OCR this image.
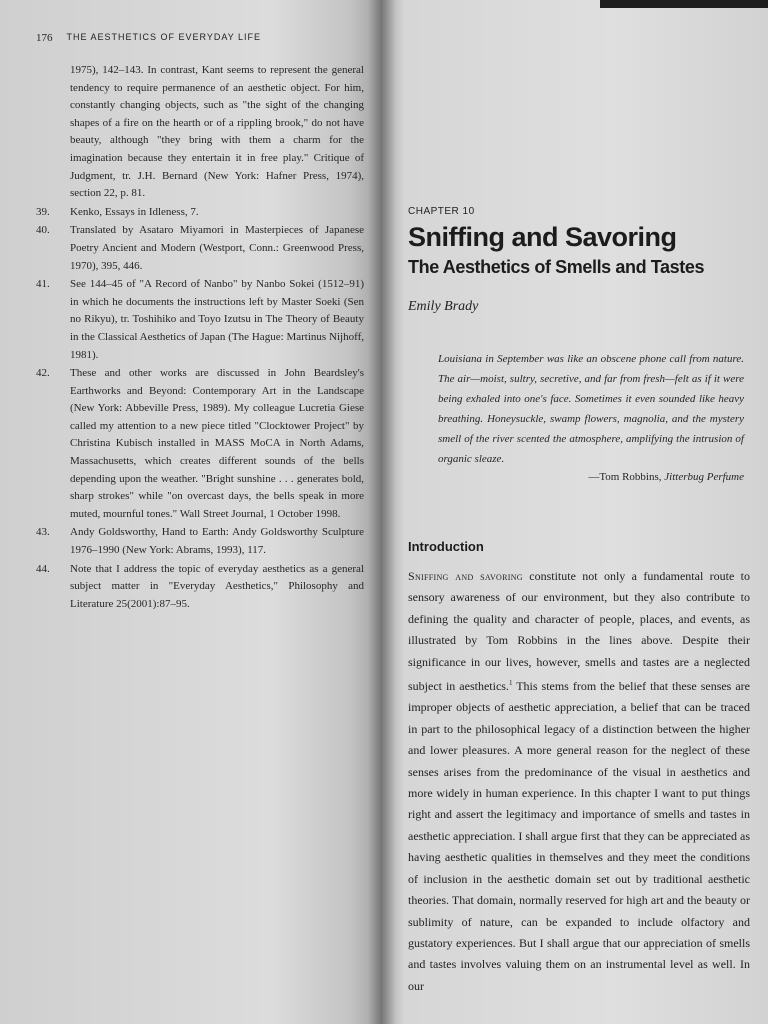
176 THE AESTHETICS OF EVERYDAY LIFE
1975), 142–143. In contrast, Kant seems to represent the general tendency to require permanence of an aesthetic object. For him, constantly changing objects, such as "the sight of the changing shapes of a fire on the hearth or of a rippling brook," do not have beauty, although "they bring with them a charm for the imagination because they entertain it in free play." Critique of Judgment, tr. J.H. Bernard (New York: Hafner Press, 1974), section 22, p. 81.
39.	Kenko, Essays in Idleness, 7.
40.	Translated by Asataro Miyamori in Masterpieces of Japanese Poetry Ancient and Modern (Westport, Conn.: Greenwood Press, 1970), 395, 446.
41.	See 144–45 of "A Record of Nanbo" by Nanbo Sokei (1512–91) in which he documents the instructions left by Master Soeki (Sen no Rikyu), tr. Toshihiko and Toyo Izutsu in The Theory of Beauty in the Classical Aesthetics of Japan (The Hague: Martinus Nijhoff, 1981).
42.	These and other works are discussed in John Beardsley's Earthworks and Beyond: Contemporary Art in the Landscape (New York: Abbeville Press, 1989). My colleague Lucretia Giese called my attention to a new piece titled "Clocktower Project" by Christina Kubisch installed in MASS MoCA in North Adams, Massachusetts, which creates different sounds of the bells depending upon the weather. "Bright sunshine . . . generates bold, sharp strokes" while "on overcast days, the bells speak in more muted, mournful tones." Wall Street Journal, 1 October 1998.
43.	Andy Goldsworthy, Hand to Earth: Andy Goldsworthy Sculpture 1976–1990 (New York: Abrams, 1993), 117.
44.	Note that I address the topic of everyday aesthetics as a general subject matter in "Everyday Aesthetics," Philosophy and Literature 25(2001):87–95.
CHAPTER 10
Sniffing and Savoring
The Aesthetics of Smells and Tastes
Emily Brady
Louisiana in September was like an obscene phone call from nature. The air—moist, sultry, secretive, and far from fresh—felt as if it were being exhaled into one's face. Sometimes it even sounded like heavy breathing. Honeysuckle, swamp flowers, magnolia, and the mystery smell of the river scented the atmosphere, amplifying the intrusion of organic sleaze.
—Tom Robbins, Jitterbug Perfume
Introduction

Sniffing and savoring constitute not only a fundamental route to sensory awareness of our environment, but they also contribute to defining the quality and character of people, places, and events, as illustrated by Tom Robbins in the lines above. Despite their significance in our lives, however, smells and tastes are a neglected subject in aesthetics.$^1$ This stems from the belief that these senses are improper objects of aesthetic appreciation, a belief that can be traced in part to the philosophical legacy of a distinction between the higher and lower pleasures. A more general reason for the neglect of these senses arises from the predominance of the visual in aesthetics and more widely in human experience. In this chapter I want to put things right and assert the legitimacy and importance of smells and tastes in aesthetic appreciation. I shall argue first that they can be appreciated as having aesthetic qualities in themselves and they meet the conditions of inclusion in the aesthetic domain set out by traditional aesthetic theories. That domain, normally reserved for high art and the beauty or sublimity of nature, can be expanded to include olfactory and gustatory experiences. But I shall argue that our appreciation of smells and tastes involves valuing them on an instrumental level as well. In our
